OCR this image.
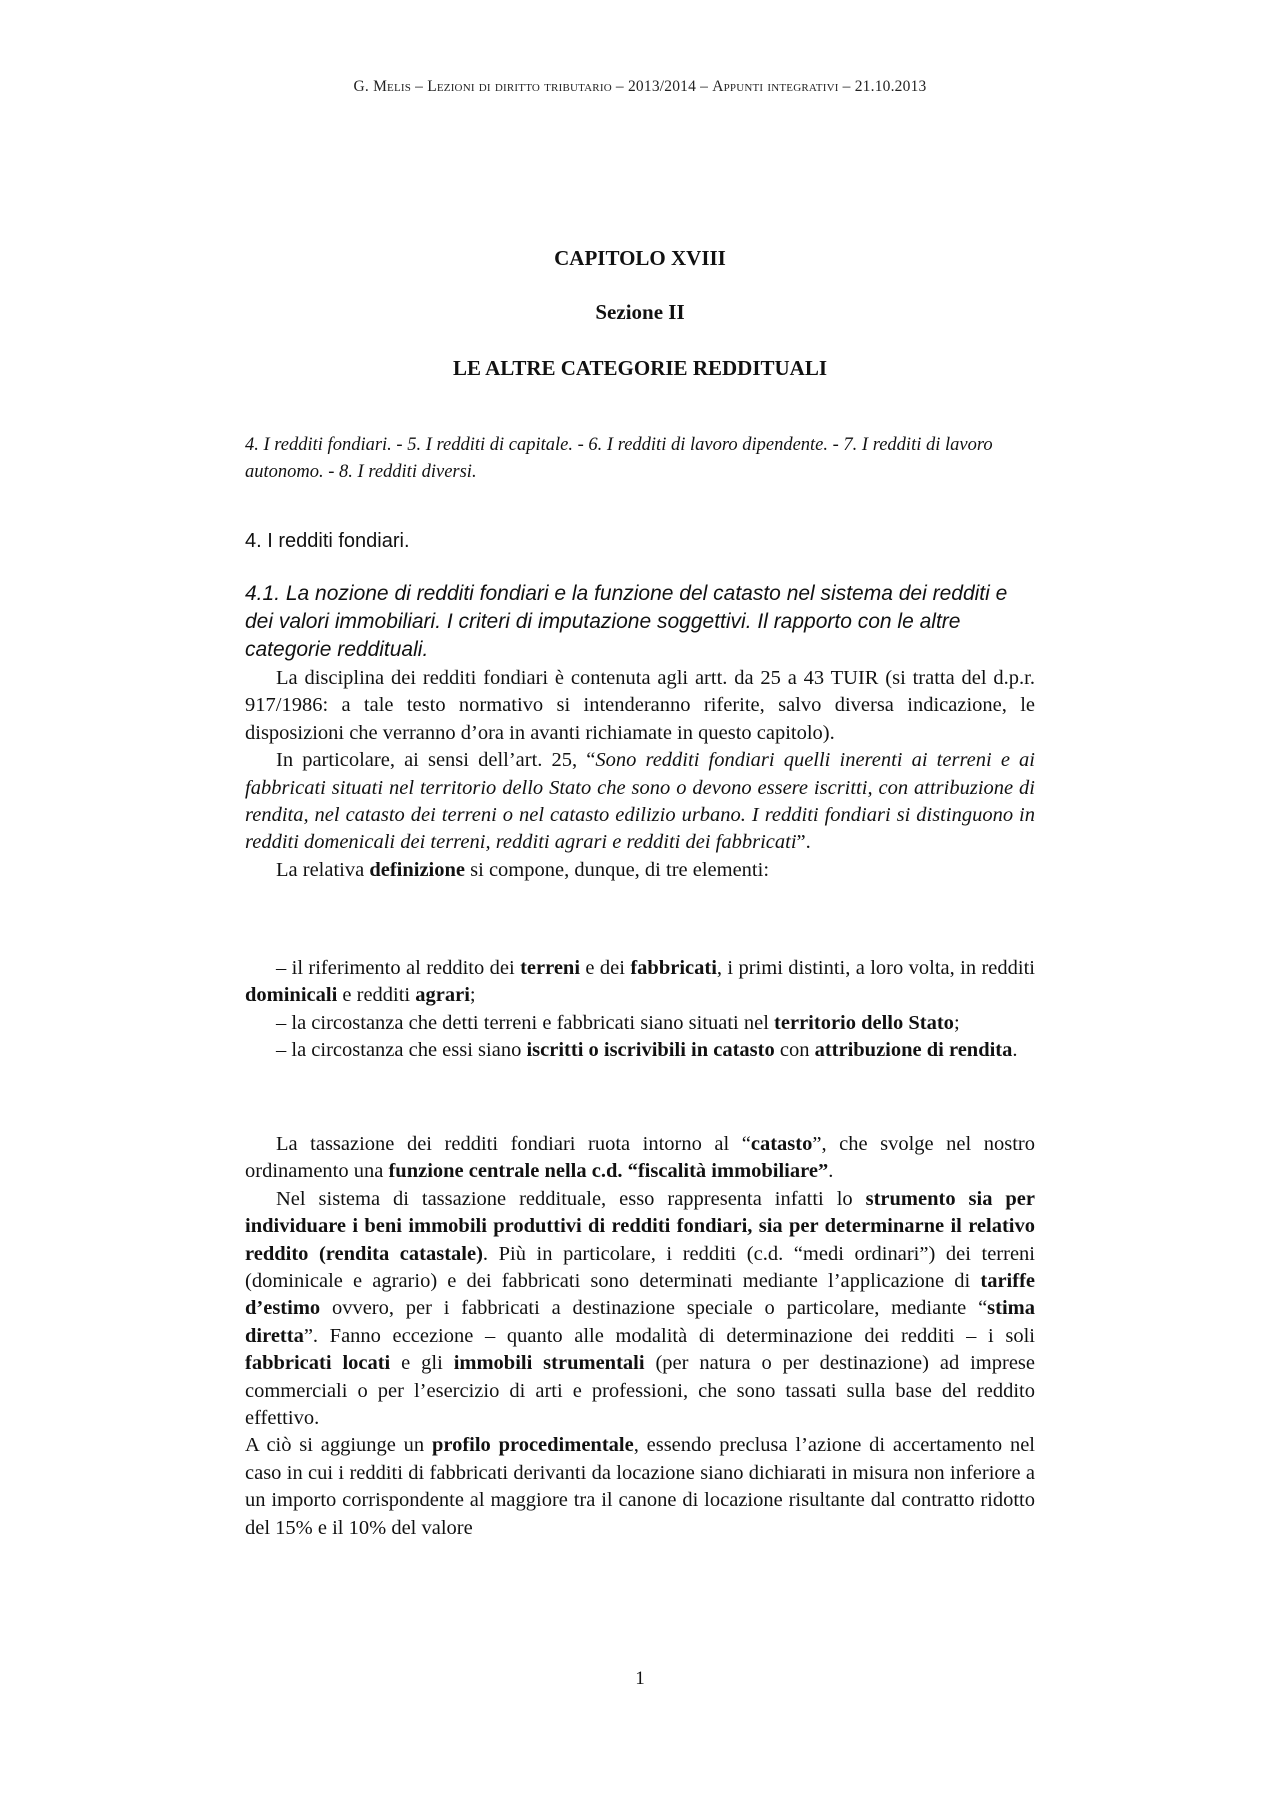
G. Melis – Lezioni di diritto tributario – 2013/2014 – Appunti integrativi – 21.10.2013
CAPITOLO XVIII
Sezione II
LE ALTRE CATEGORIE REDDITUALI
4. I redditi fondiari. - 5. I redditi di capitale. - 6. I redditi di lavoro dipendente. - 7. I redditi di lavoro autonomo. - 8. I redditi diversi.
4. I redditi fondiari.
4.1. La nozione di redditi fondiari e la funzione del catasto nel sistema dei redditi e dei valori immobiliari. I criteri di imputazione soggettivi. Il rapporto con le altre categorie reddituali.

La disciplina dei redditi fondiari è contenuta agli artt. da 25 a 43 TUIR (si tratta del d.p.r. 917/1986: a tale testo normativo si intenderanno riferite, salvo diversa indicazione, le disposizioni che verranno d’ora in avanti richiamate in questo capitolo).

In particolare, ai sensi dell’art. 25, “Sono redditi fondiari quelli inerenti ai terreni e ai fabbricati situati nel territorio dello Stato che sono o devono essere iscritti, con attribuzione di rendita, nel catasto dei terreni o nel catasto edilizio urbano. I redditi fondiari si distinguono in redditi domenicali dei terreni, redditi agrari e redditi dei fabbricati”.

La relativa definizione si compone, dunque, di tre elementi:

– il riferimento al reddito dei terreni e dei fabbricati, i primi distinti, a loro volta, in redditi dominicali e redditi agrari;

– la circostanza che detti terreni e fabbricati siano situati nel territorio dello Stato;

– la circostanza che essi siano iscritti o iscrivibili in catasto con attribuzione di rendita.

La tassazione dei redditi fondiari ruota intorno al “catasto”, che svolge nel nostro ordinamento una funzione centrale nella c.d. “fiscalità immobiliare”.

Nel sistema di tassazione reddituale, esso rappresenta infatti lo strumento sia per individuare i beni immobili produttivi di redditi fondiari, sia per determinarne il relativo reddito (rendita catastale). Più in particolare, i redditi (c.d. “medi ordinari”) dei terreni (dominicale e agrario) e dei fabbricati sono determinati mediante l’applicazione di tariffe d’estimo ovvero, per i fabbricati a destinazione speciale o particolare, mediante “stima diretta”. Fanno eccezione – quanto alle modalità di determinazione dei redditi – i soli fabbricati locati e gli immobili strumentali (per natura o per destinazione) ad imprese commerciali o per l’esercizio di arti e professioni, che sono tassati sulla base del reddito effettivo.

A ciò si aggiunge un profilo procedimentale, essendo preclusa l’azione di accertamento nel caso in cui i redditi di fabbricati derivanti da locazione siano dichiarati in misura non inferiore a un importo corrispondente al maggiore tra il canone di locazione risultante dal contratto ridotto del 15% e il 10% del valore

1
